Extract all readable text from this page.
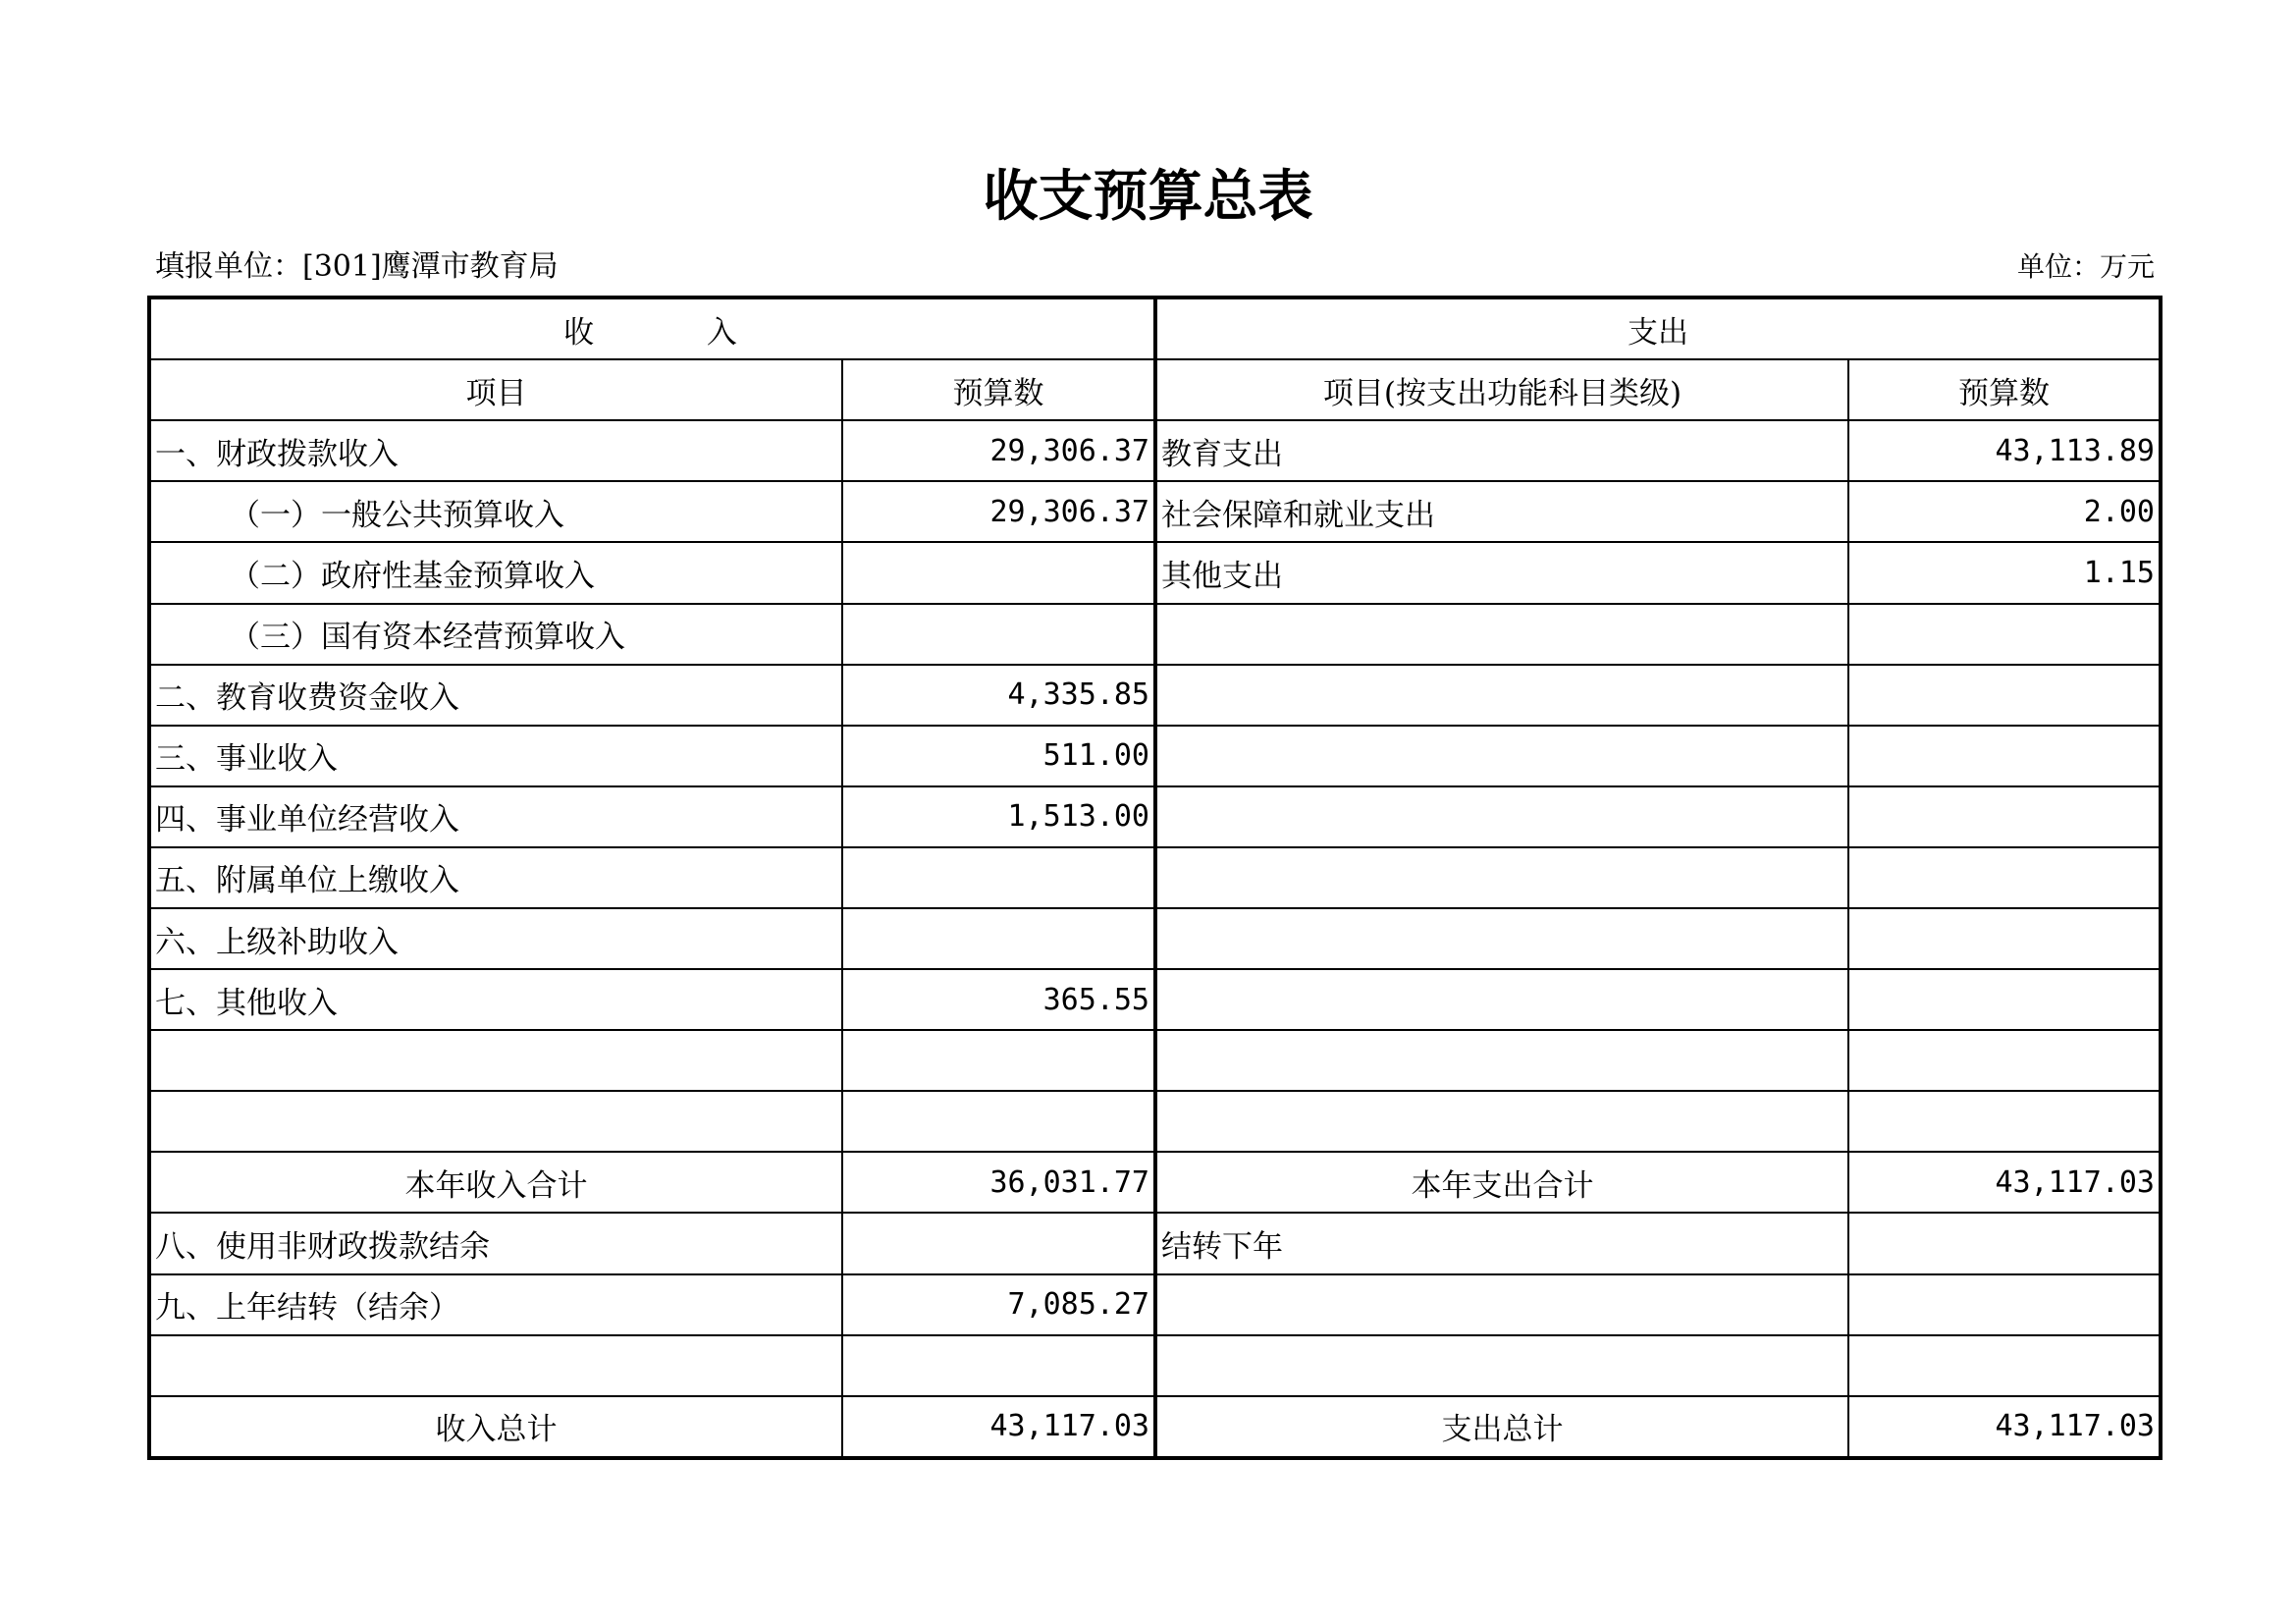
收支预算总表
填报单位：[301]鹰潭市教育局	单位：万元
收        入		支出	
项目	预算数	项目(按支出功能科目类级)	预算数
一、财政拨款收入	29,306.37	教育支出	43,113.89
（一）一般公共预算收入	29,306.37	社会保障和就业支出	2.00
（二）政府性基金预算收入		其他支出	1.15
（三）国有资本经营预算收入			
二、教育收费资金收入	4,335.85		
三、事业收入	511.00		
四、事业单位经营收入	1,513.00		
五、附属单位上缴收入			
六、上级补助收入			
七、其他收入	365.55		

本年收入合计	36,031.77	本年支出合计	43,117.03
八、使用非财政拨款结余		结转下年	
九、上年结转（结余）	7,085.27		

收入总计	43,117.03	支出总计	43,117.03
